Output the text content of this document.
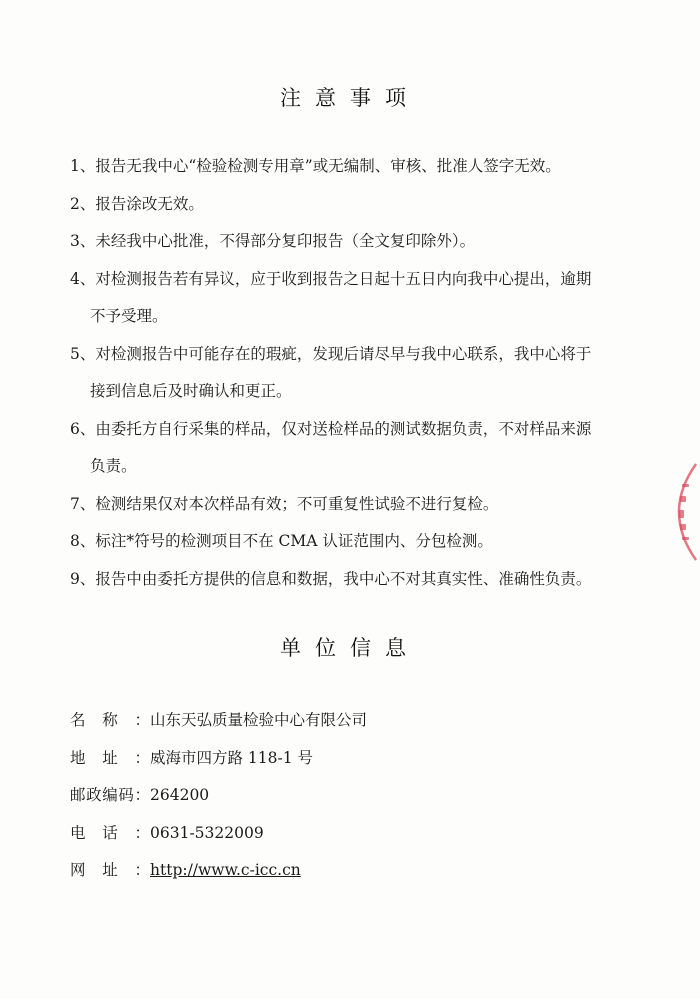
注意事项
1、报告无我中心“检验检测专用章”或无编制、审核、批准人签字无效。
2、报告涂改无效。
3、未经我中心批准，不得部分复印报告（全文复印除外）。
4、对检测报告若有异议，应于收到报告之日起十五日内向我中心提出，逾期
不予受理。
5、对检测报告中可能存在的瑕疵，发现后请尽早与我中心联系，我中心将于
接到信息后及时确认和更正。
6、由委托方自行采集的样品，仅对送检样品的测试数据负责，不对样品来源
负责。
7、检测结果仅对本次样品有效；不可重复性试验不进行复检。
8、标注*符号的检测项目不在 CMA 认证范围内、分包检测。
9、报告中由委托方提供的信息和数据，我中心不对其真实性、准确性负责。
单位信息
名称：山东天弘质量检验中心有限公司
地址：威海市四方路 118-1 号
邮政编码：264200
电话：0631-5322009
网址：http://www.c-icc.cn
